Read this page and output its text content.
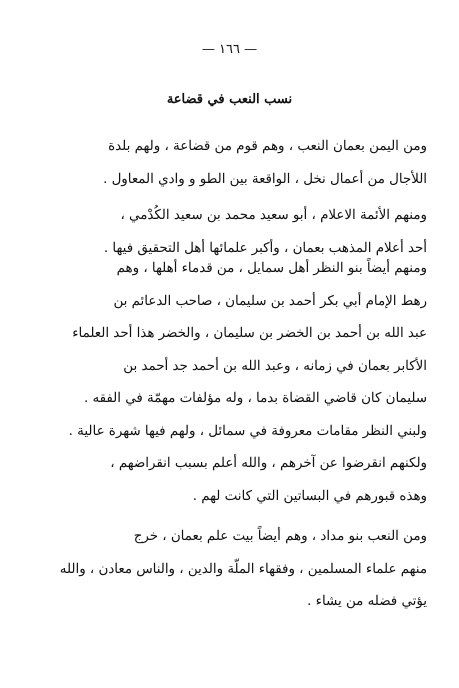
— ١٦٦ —
نسب النعب في قضاعة
ومن اليمن بعمان النعب ، وهم قوم من قضاعة ، ولهم بلدة
اللأجال من أعمال نخل ، الواقعة بين الطو و وادي المعاول .
ومنهم الأئمة الاعلام ، أبو سعيد محمد بن سعيد الكُدْمي ،
أحد أعلام المذهب بعمان ، وأكبر علمائها أهل التحقيق فيها .
ومنهم أيضاً بنو النظر أهل سمايل ، من قدماء أهلها ، وهم
رهط الإمام أبي بكر أحمد بن سليمان ، صاحب الدعائم بن
عبد الله بن أحمد بن الخضر بن سليمان ، والخضر هذا أحد العلماء
الأكابر بعمان في زمانه ، وعبد الله بن أحمد جد أحمد بن
سليمان كان قاضي القضاة بدما ، وله مؤلفات مهمّة في الفقه .
ولبني النظر مقامات معروفة في سمائل ، ولهم فيها شهرة عالية .
ولكنهم انقرضوا عن آخرهم ، والله أعلم بسبب انقراضهم ،
وهذه قبورهم في البساتين التي كانت لهم .
ومن النعب بنو مداد ، وهم أيضاً بيت علم بعمان ، خرج
منهم علماء المسلمين ، وفقهاء الملّة والدين ، والناس معادن ، والله
يؤتي فضله من يشاء .
